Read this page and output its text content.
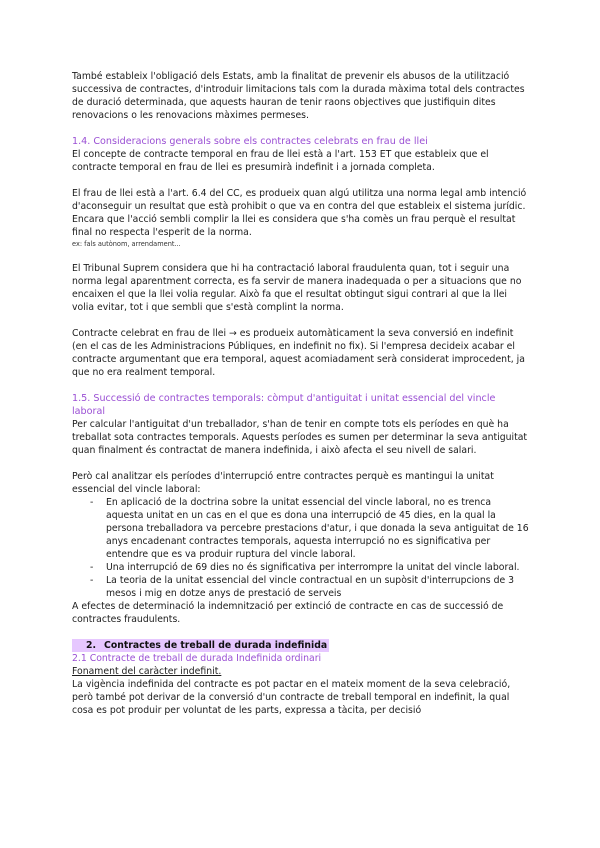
També estableix l'obligació dels Estats, amb la finalitat de prevenir els abusos de la utilització successiva de contractes, d'introduir limitacions tals com la durada màxima total dels contractes de duració determinada, que aquests hauran de tenir raons objectives que justifiquin dites renovacions o les renovacions màximes permeses.

1.4. Consideracions generals sobre els contractes celebrats en frau de llei

El concepte de contracte temporal en frau de llei està a l'art. 153 ET que estableix que el contracte temporal en frau de llei es presumirà indefinit i a jornada completa.

El frau de llei està a l'art. 6.4 del CC, es produeix quan algú utilitza una norma legal amb intenció d'aconseguir un resultat que està prohibit o que va en contra del que estableix el sistema jurídic. Encara que l'acció sembli complir la llei es considera que s'ha comès un frau perquè el resultat final no respecta l'esperit de la norma.

ex: fals autònom, arrendament...

El Tribunal Suprem considera que hi ha contractació laboral fraudulenta quan, tot i seguir una norma legal aparentment correcta, es fa servir de manera inadequada o per a situacions que no encaixen el que la llei volia regular. Això fa que el resultat obtingut sigui contrari al que la llei volia evitar, tot i que sembli que s'està complint la norma.

Contracte celebrat en frau de llei → es produeix automàticament la seva conversió en indefinit (en el cas de les Administracions Públiques, en indefinit no fix). Si l'empresa decideix acabar el contracte argumentant que era temporal, aquest acomiadament serà considerat improcedent, ja que no era realment temporal.

1.5. Successió de contractes temporals: còmput d'antiguitat i unitat essencial del vincle laboral

Per calcular l'antiguitat d'un treballador, s'han de tenir en compte tots els períodes en què ha treballat sota contractes temporals. Aquests períodes es sumen per determinar la seva antiguitat quan finalment és contractat de manera indefinida, i això afecta el seu nivell de salari.

Però cal analitzar els períodes d'interrupció entre contractes perquè es mantingui la unitat essencial del vincle laboral:

- En aplicació de la doctrina sobre la unitat essencial del vincle laboral, no es trenca aquesta unitat en un cas en el que es dona una interrupció de 45 dies, en la qual la persona treballadora va percebre prestacions d'atur, i que donada la seva antiguitat de 16 anys encadenant contractes temporals, aquesta interrupció no es significativa per entendre que es va produir ruptura del vincle laboral.
- Una interrupció de 69 dies no és significativa per interrompre la unitat del vincle laboral.
- La teoria de la unitat essencial del vincle contractual en un supòsit d'interrupcions de 3 mesos i mig en dotze anys de prestació de serveis

A efectes de determinació la indemnització per extinció de contracte en cas de successió de contractes fraudulents.

2. Contractes de treball de durada indefinida

2.1 Contracte de treball de durada Indefinida ordinari

Fonament del caràcter indefinit.

La vigència indefinida del contracte es pot pactar en el mateix moment de la seva celebració, però també pot derivar de la conversió d'un contracte de treball temporal en indefinit, la qual cosa es pot produir per voluntat de les parts, expressa a tàcita, per decisió
